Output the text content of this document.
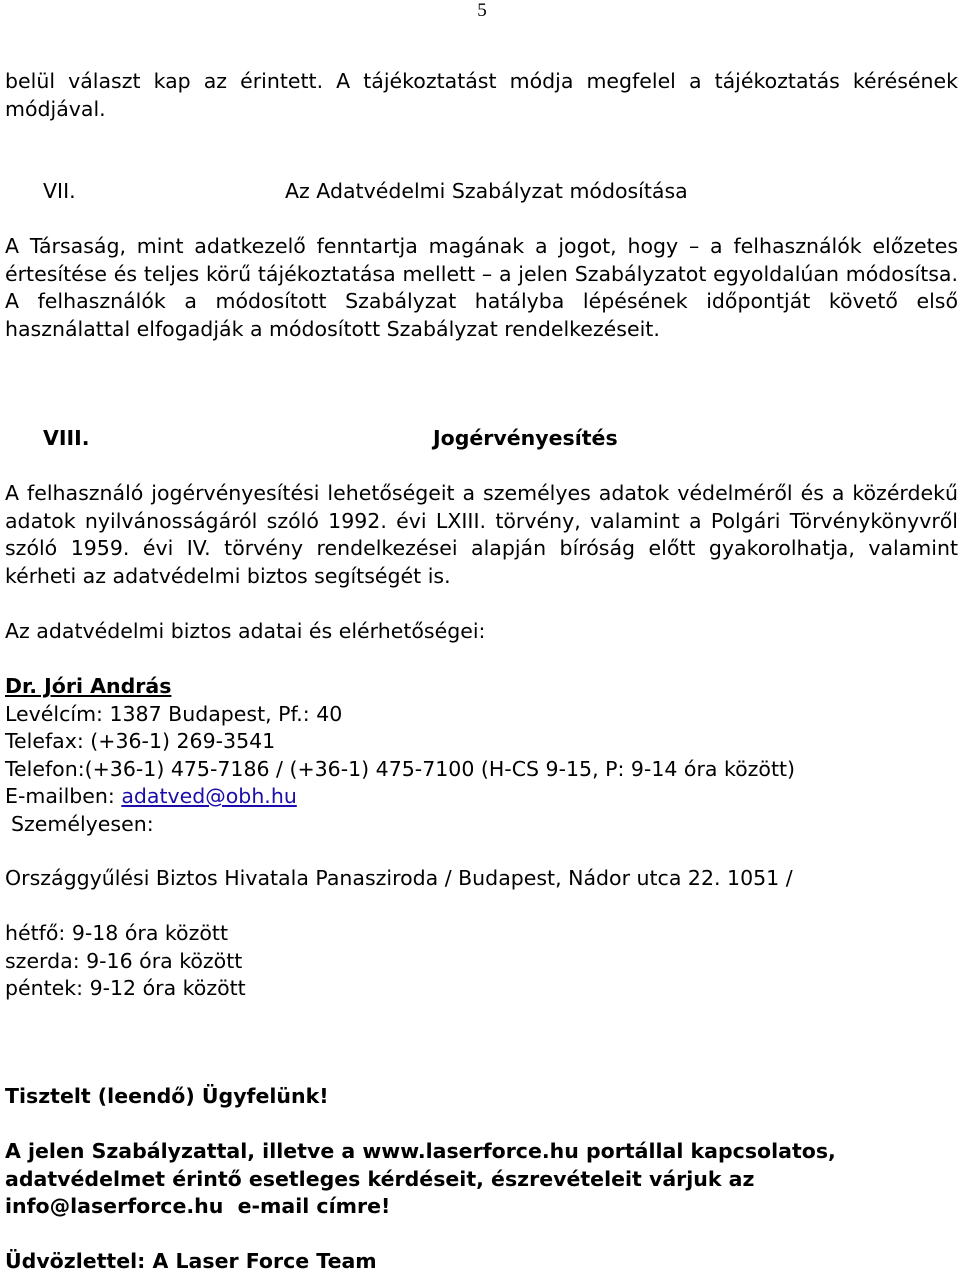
5

belül választ kap az érintett. A tájékoztatást módja megfelel a tájékoztatás kérésének módjával.

VII.	Az Adatvédelmi Szabályzat módosítása

A Társaság, mint adatkezelő fenntartja magának a jogot, hogy – a felhasználók előzetes értesítése és teljes körű tájékoztatása mellett – a jelen Szabályzatot egyoldalúan módosítsa. A felhasználók a módosított Szabályzat hatályba lépésének időpontját követő első használattal elfogadják a módosított Szabályzat rendelkezéseit.

VIII.	Jogérvényesítés

A felhasználó jogérvényesítési lehetőségeit a személyes adatok védelméről és a közérdekű adatok nyilvánosságáról szóló 1992. évi LXIII. törvény, valamint a Polgári Törvénykönyvről szóló 1959. évi IV. törvény rendelkezései alapján bíróság előtt gyakorolhatja, valamint kérheti az adatvédelmi biztos segítségét is.

Az adatvédelmi biztos adatai és elérhetőségei:
Dr. Jóri András
Levélcím: 1387 Budapest, Pf.: 40
Telefax: (+36-1) 269-3541
Telefon:(+36-1) 475-7186 / (+36-1) 475-7100 (H-CS 9-15, P: 9-14 óra között)
E-mailben: adatved@obh.hu
Személyesen:
Országgyűlési Biztos Hivatala Panasziroda / Budapest, Nádor utca 22. 1051 /
hétfő: 9-18 óra között
szerda: 9-16 óra között
péntek: 9-12 óra között
Tisztelt (leendő) Ügyfelünk!
A jelen Szabályzattal, illetve a www.laserforce.hu portállal kapcsolatos,
adatvédelmet érintő esetleges kérdéseit, észrevételeit várjuk az
info@laserforce.hu  e-mail címre!
Üdvözlettel: A Laser Force Team
